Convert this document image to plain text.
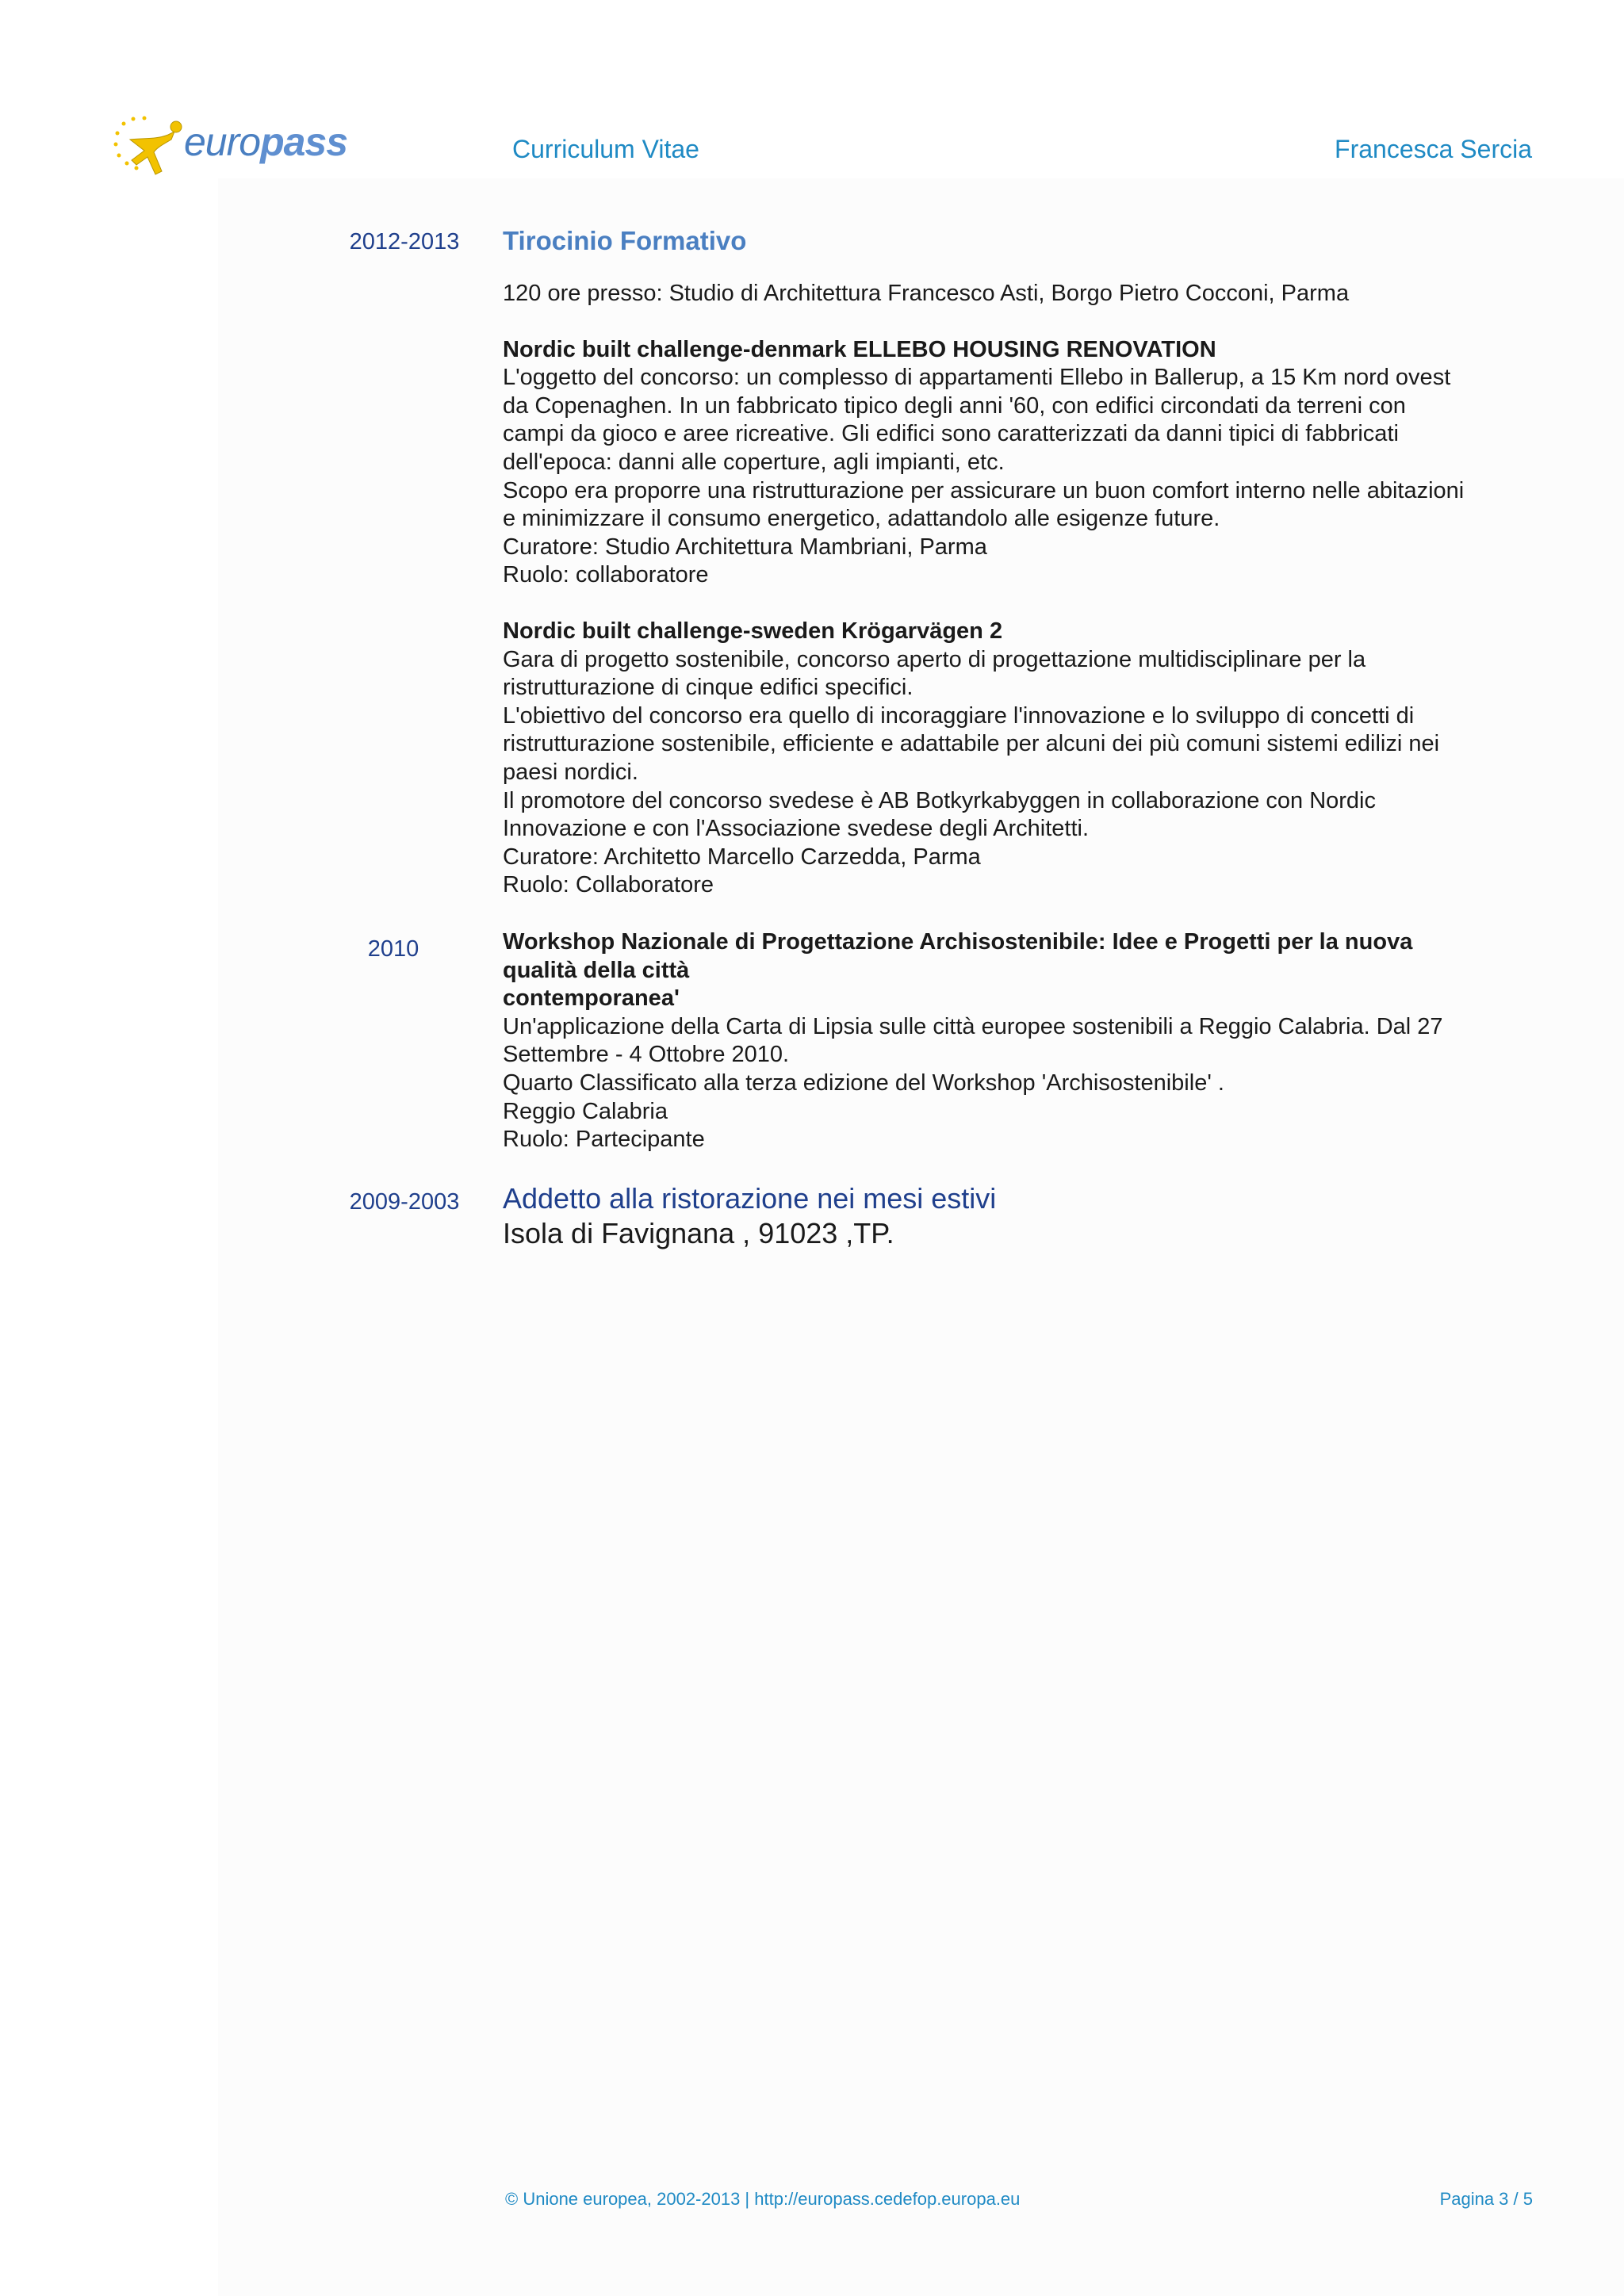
europass	Curriculum Vitae	Francesca Sercia
2012-2013	Tirocinio Formativo

120 ore presso: Studio di Architettura Francesco Asti, Borgo Pietro Cocconi, Parma

Nordic built challenge-denmark ELLEBO HOUSING RENOVATION

L'oggetto del concorso: un complesso di appartamenti Ellebo in Ballerup, a 15 Km nord ovest

da Copenaghen. In un fabbricato tipico degli anni '60, con edifici circondati da terreni con

campi da gioco e aree ricreative. Gli edifici sono caratterizzati da danni tipici di fabbricati

dell'epoca: danni alle coperture, agli impianti, etc.

Scopo era proporre una ristrutturazione per assicurare un buon comfort interno nelle abitazioni

e minimizzare il consumo energetico, adattandolo alle esigenze future.

Curatore: Studio Architettura Mambriani, Parma

Ruolo: collaboratore

Nordic built challenge-sweden Krögarvägen 2

Gara di progetto sostenibile, concorso aperto di progettazione multidisciplinare per la

ristrutturazione di cinque edifici specifici.

L'obiettivo del concorso era quello di incoraggiare l'innovazione e lo sviluppo di concetti di

ristrutturazione sostenibile, efficiente e adattabile per alcuni dei più comuni sistemi edilizi nei

paesi nordici.

Il promotore del concorso svedese è AB Botkyrkabyggen in collaborazione con Nordic

Innovazione e con l'Associazione svedese degli Architetti.

Curatore: Architetto Marcello Carzedda, Parma

Ruolo: Collaboratore

2010	Workshop Nazionale di Progettazione Archisostenibile: Idee e Progetti per la nuova

qualità della città

contemporanea'

Un'applicazione della Carta di Lipsia sulle città europee sostenibili a Reggio Calabria. Dal 27

Settembre - 4 Ottobre 2010.

Quarto Classificato alla terza edizione del Workshop 'Archisostenibile' .

Reggio Calabria

Ruolo: Partecipante

2009-2003	Addetto alla ristorazione nei mesi estivi

Isola di Favignana , 91023 ,TP.

© Unione europea, 2002-2013 | http://europass.cedefop.europa.eu	Pagina 3 / 5
